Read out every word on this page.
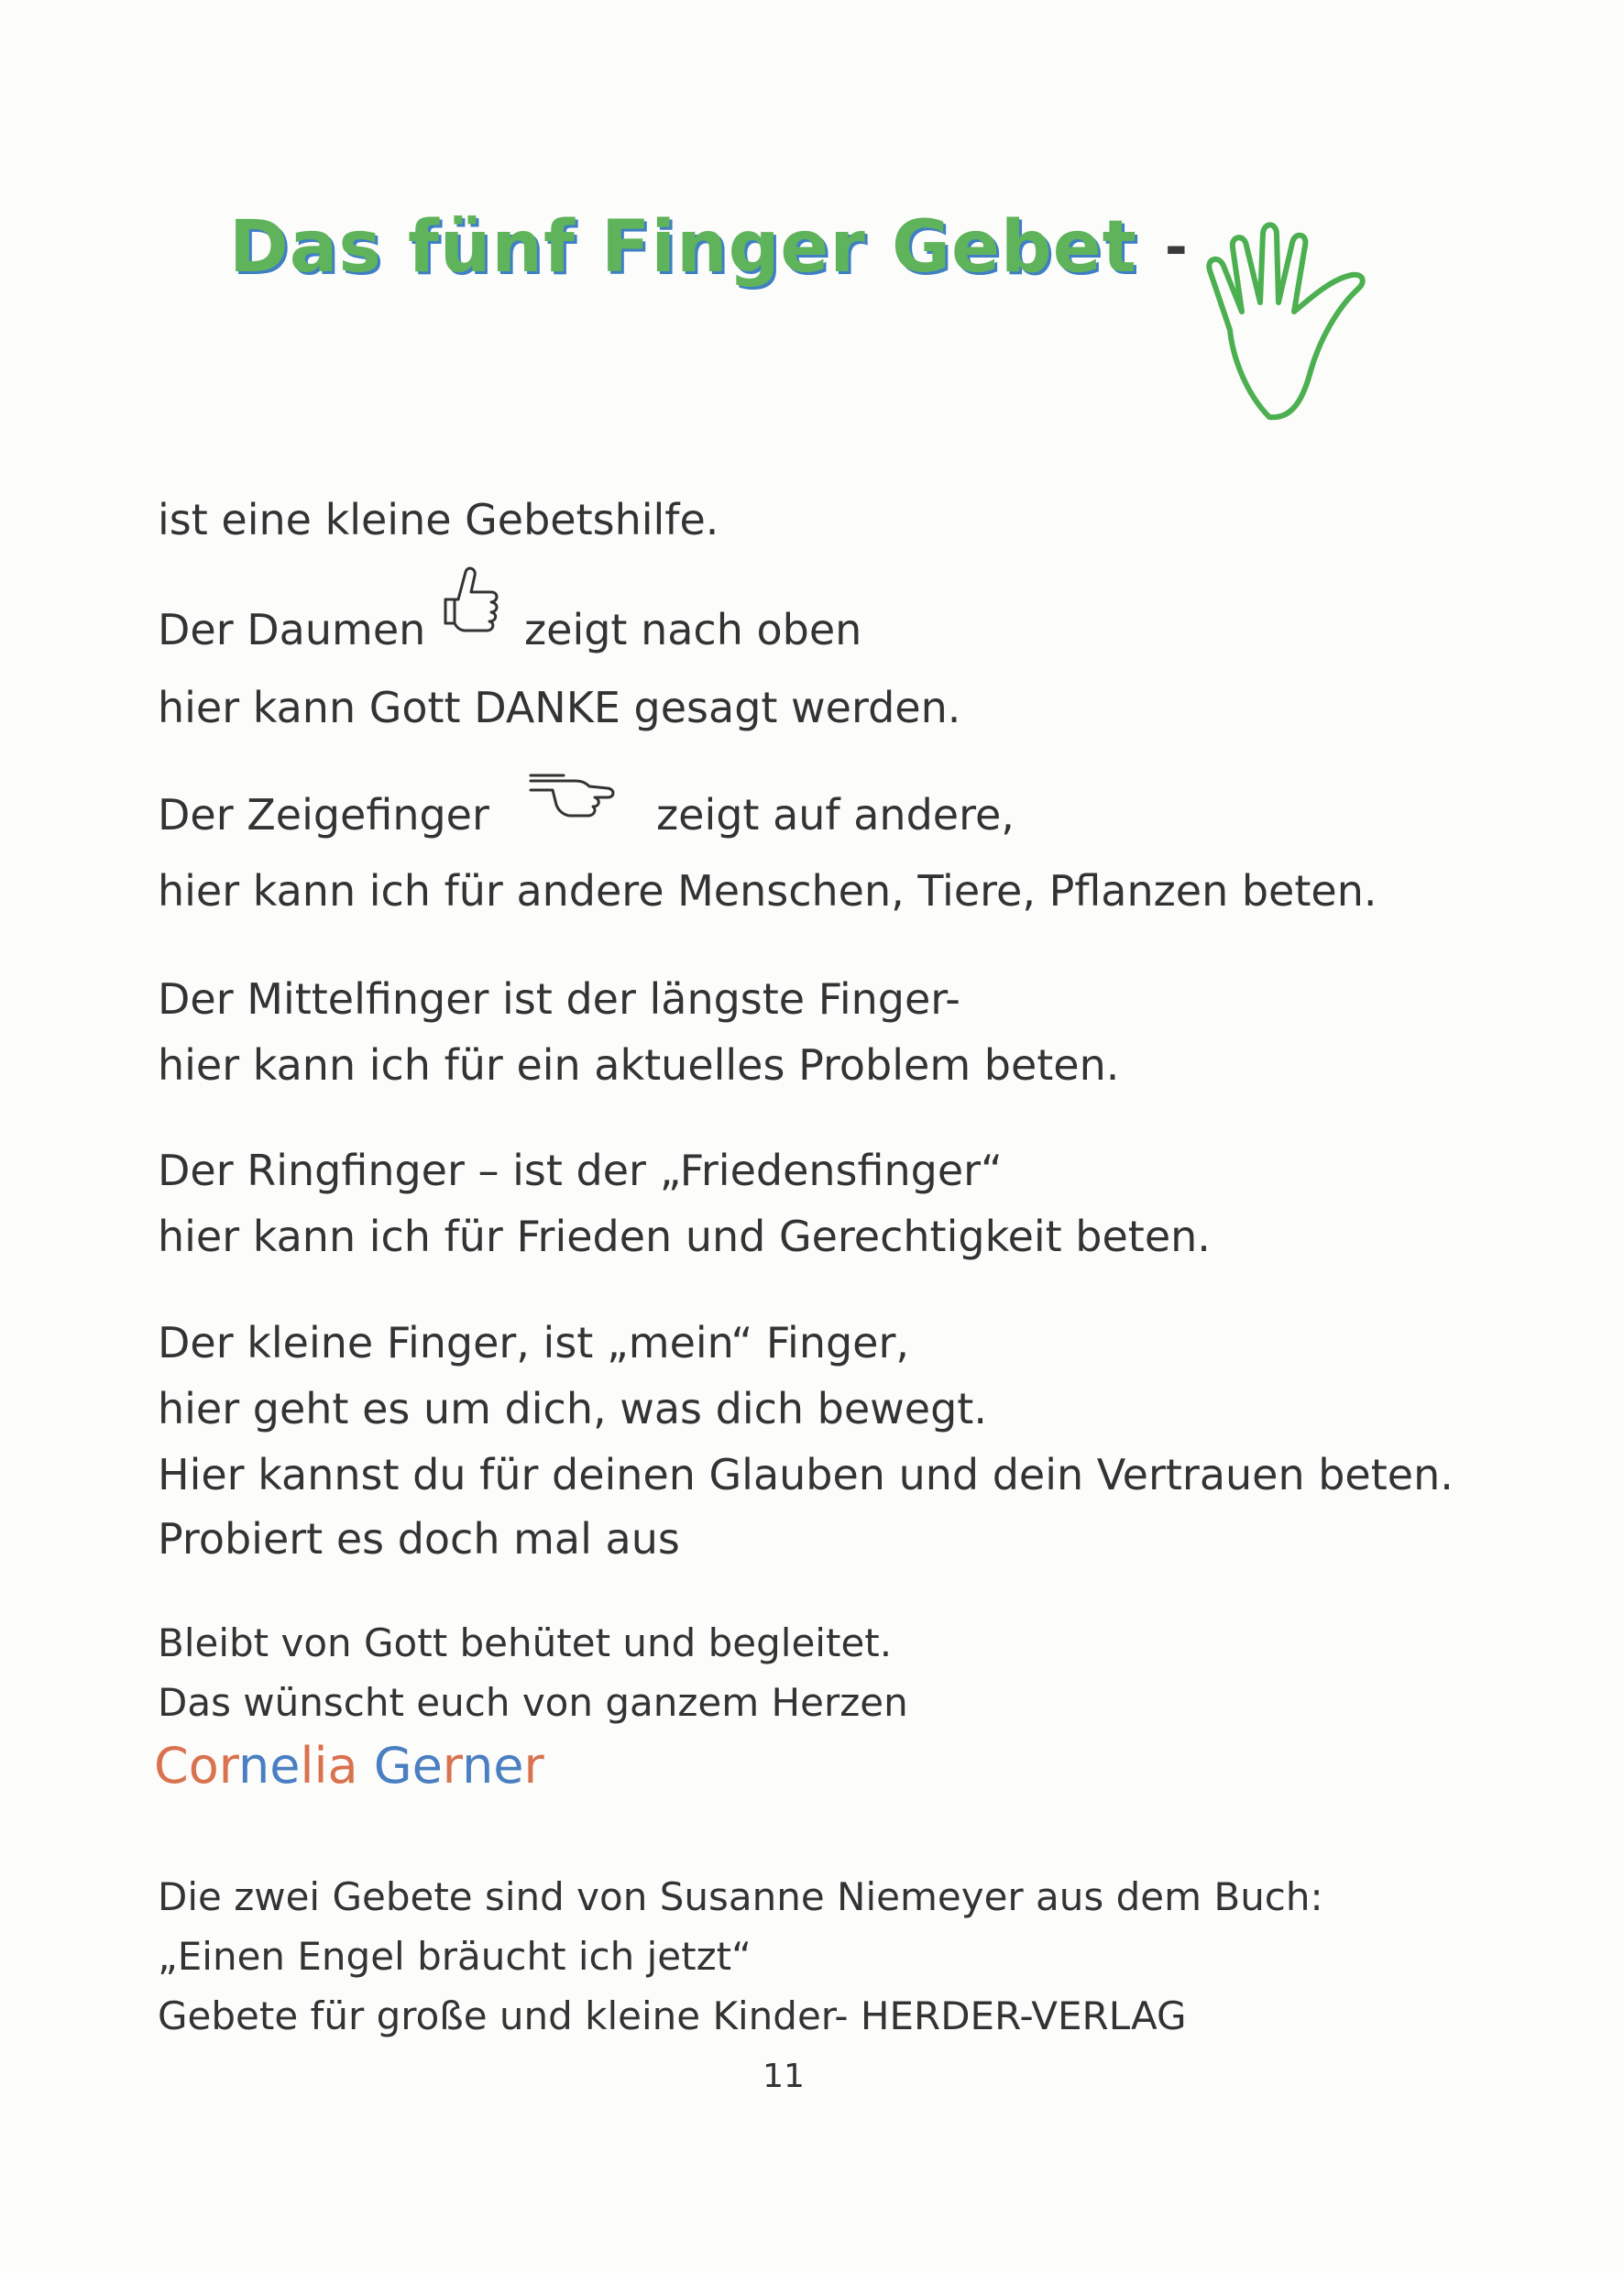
Das fünf Finger Gebet -
ist eine kleine Gebetshilfe.
Der Daumen zeigt nach oben
hier kann Gott DANKE gesagt werden.
Der Zeigefinger	zeigt auf andere,
hier kann ich für andere Menschen, Tiere, Pflanzen beten.
Der Mittelfinger ist der längste Finger-
hier kann ich für ein aktuelles Problem beten.
Der Ringfinger – ist der „Friedensfinger“
hier kann ich für Frieden und Gerechtigkeit beten.
Der kleine Finger, ist „mein“ Finger,
hier geht es um dich, was dich bewegt.
Hier kannst du für deinen Glauben und dein Vertrauen beten.
Probiert es doch mal aus
Bleibt von Gott behütet und begleitet.
Das wünscht euch von ganzem Herzen
Cornelia Gerner
Die zwei Gebete sind von Susanne Niemeyer aus dem Buch:
„Einen Engel bräucht ich jetzt“
Gebete für große und kleine Kinder- HERDER-VERLAG
11
